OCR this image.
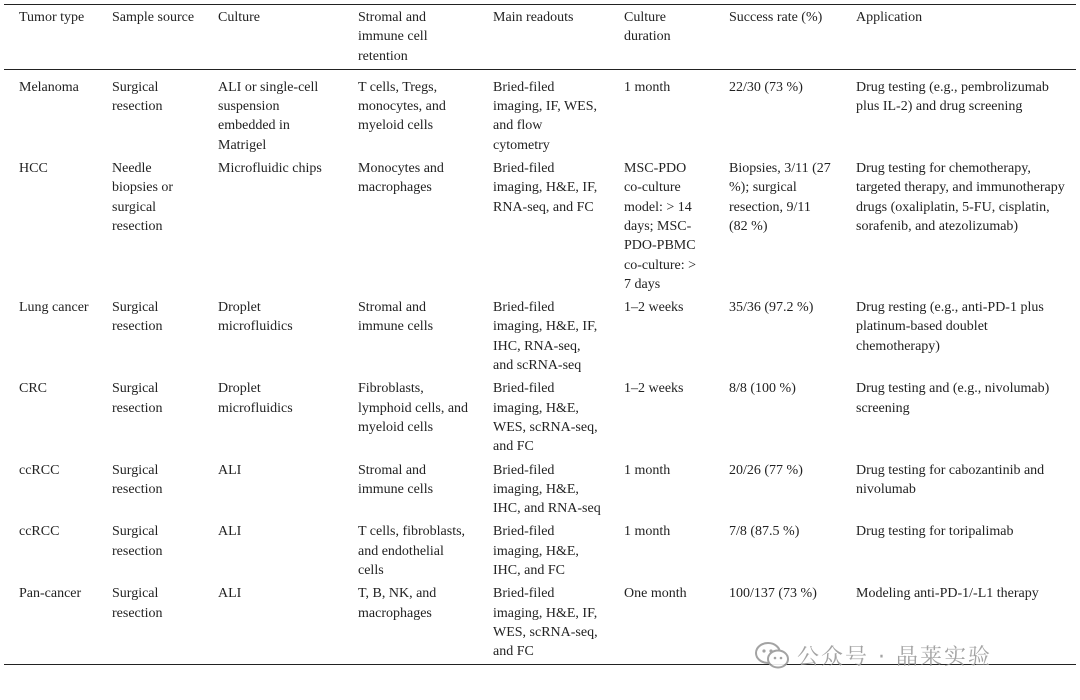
Tumor type	Sample source	Culture	Stromal and immune cell retention	Main readouts	Culture duration	Success rate (%)	Application
Melanoma	Surgical resection	ALI or single-cell suspension embedded in Matrigel	T cells, Tregs, monocytes, and myeloid cells	Bried-filed imaging, IF, WES, and flow cytometry	1 month	22/30 (73 %)	Drug testing (e.g., pembrolizumab plus IL-2) and drug screening
HCC	Needle biopsies or surgical resection	Microfluidic chips	Monocytes and macrophages	Bried-filed imaging, H&E, IF, RNA-seq, and FC	MSC-PDO co-culture model: > 14 days; MSC-PDO-PBMC co-culture: > 7 days	Biopsies, 3/11 (27 %); surgical resection, 9/11 (82 %)	Drug testing for chemotherapy, targeted therapy, and immunotherapy drugs (oxaliplatin, 5-FU, cisplatin, sorafenib, and atezolizumab)
Lung cancer	Surgical resection	Droplet microfluidics	Stromal and immune cells	Bried-filed imaging, H&E, IF, IHC, RNA-seq, and scRNA-seq	1–2 weeks	35/36 (97.2 %)	Drug resting (e.g., anti-PD-1 plus platinum-based doublet chemotherapy)
CRC	Surgical resection	Droplet microfluidics	Fibroblasts, lymphoid cells, and myeloid cells	Bried-filed imaging, H&E, WES, scRNA-seq, and FC	1–2 weeks	8/8 (100 %)	Drug testing and (e.g., nivolumab) screening
ccRCC	Surgical resection	ALI	Stromal and immune cells	Bried-filed imaging, H&E, IHC, and RNA-seq	1 month	20/26 (77 %)	Drug testing for cabozantinib and nivolumab
ccRCC	Surgical resection	ALI	T cells, fibroblasts, and endothelial cells	Bried-filed imaging, H&E, IHC, and FC	1 month	7/8 (87.5 %)	Drug testing for toripalimab
Pan-cancer	Surgical resection	ALI	T, B, NK, and macrophages	Bried-filed imaging, H&E, IF, WES, scRNA-seq, and FC	One month	100/137 (73 %)	Modeling anti-PD-1/-L1 therapy
公众号 · 晶莱实验
